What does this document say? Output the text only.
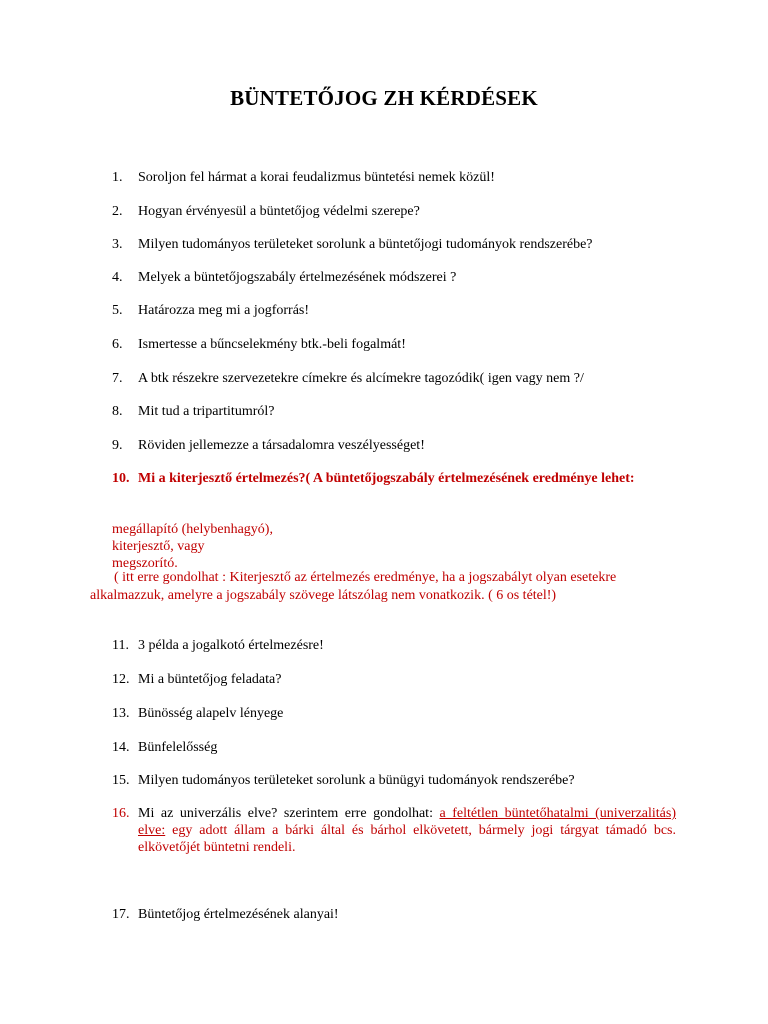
BÜNTETŐJOG ZH KÉRDÉSEK
1. Soroljon fel hármat a korai feudalizmus büntetési nemek közül!
2. Hogyan érvényesül a büntetőjog védelmi szerepe?
3. Milyen tudományos területeket sorolunk a büntetőjogi tudományok rendszerébe?
4. Melyek a büntetőjogszabály értelmezésének módszerei ?
5. Határozza meg mi a jogforrás!
6. Ismertesse a bűncselekmény btk.-beli fogalmát!
7. A btk részekre szervezetekre címekre és alcímekre tagozódik( igen vagy nem ?/
8. Mit tud a tripartitumról?
9. Röviden jellemezze a társadalomra veszélyességet!
10. Mi a kiterjesztő értelmezés?( A büntetőjogszabály értelmezésének eredménye lehet:
megállapító (helybenhagyó),
kiterjesztő, vagy
megszorító.
( itt erre gondolhat : Kiterjesztő az értelmezés eredménye, ha a jogszabályt olyan esetekre
alkalmazzuk, amelyre a jogszabály szövege látszólag nem vonatkozik. ( 6 os tétel!)
11. 3 példa a jogalkotó értelmezésre!
12. Mi a büntetőjog feladata?
13. Bünösség alapelv lényege
14. Bünfelelősség
15. Milyen tudományos területeket sorolunk a bünügyi tudományok rendszerébe?
16. Mi az univerzális elve? szerintem erre gondolhat: a feltétlen büntetőhatalmi (univerzalitás) elve: egy adott állam a bárki által és bárhol elkövetett, bármely jogi tárgyat támadó bcs. elkövetőjét büntetni rendeli.
17. Büntetőjog értelmezésének alanyai!
